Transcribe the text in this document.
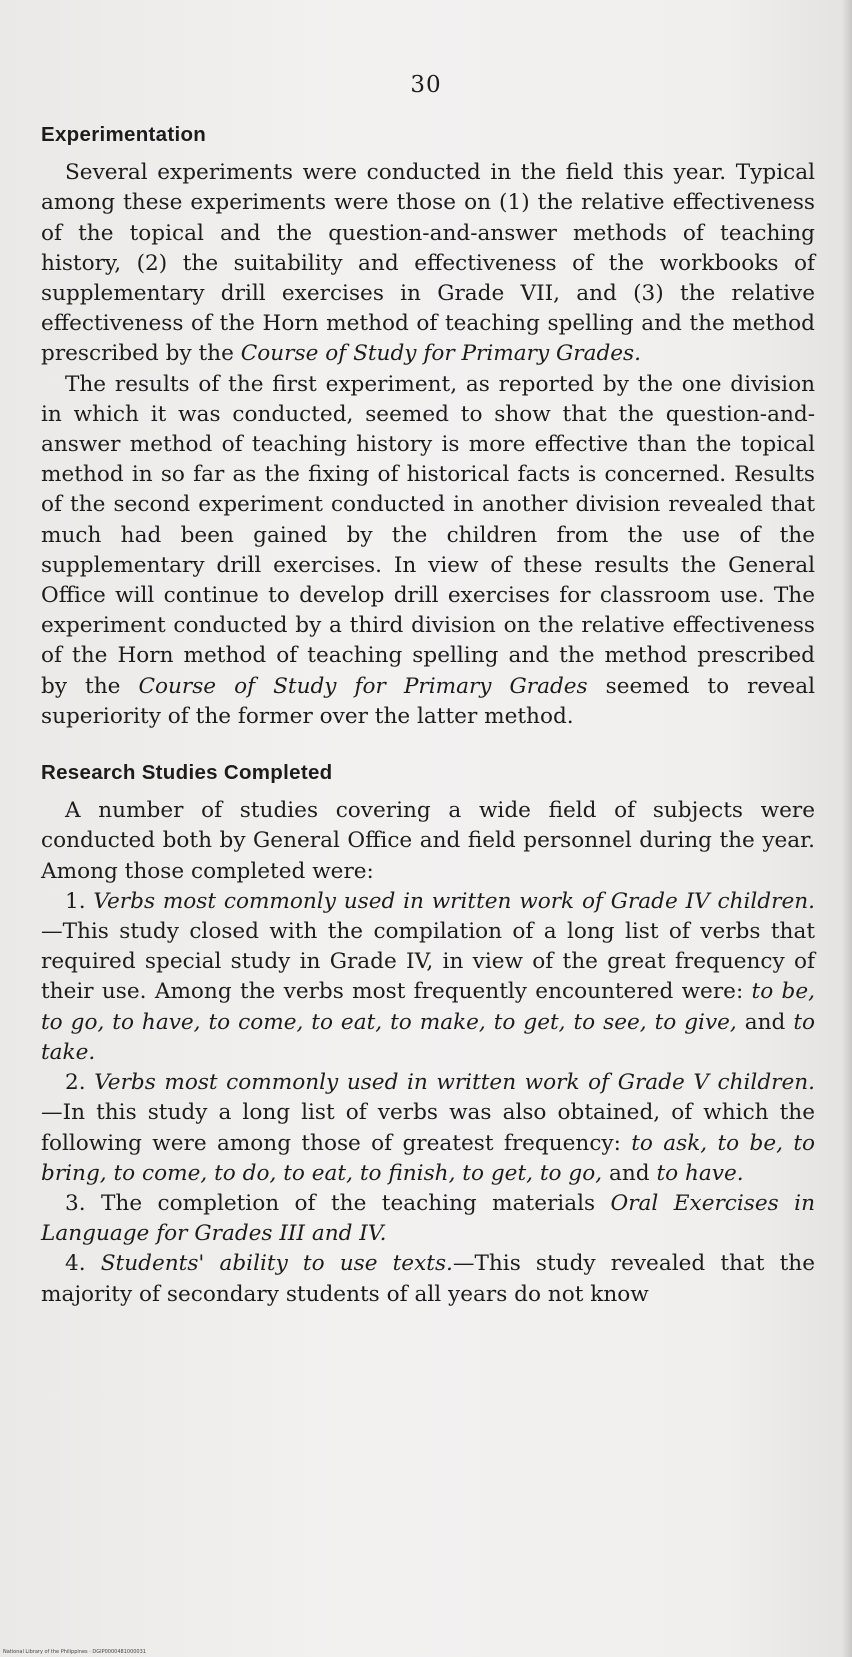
30
Experimentation

Several experiments were conducted in the field this year. Typical among these experiments were those on (1) the relative effectiveness of the topical and the question-and-answer methods of teaching history, (2) the suitability and effectiveness of the workbooks of supplementary drill exercises in Grade VII, and (3) the relative effectiveness of the Horn method of teaching spelling and the method prescribed by the Course of Study for Primary Grades.

The results of the first experiment, as reported by the one division in which it was conducted, seemed to show that the question-and-answer method of teaching history is more effective than the topical method in so far as the fixing of historical facts is concerned. Results of the second experiment conducted in another division revealed that much had been gained by the children from the use of the supplementary drill exercises. In view of these results the General Office will continue to develop drill exercises for classroom use. The experiment conducted by a third division on the relative effectiveness of the Horn method of teaching spelling and the method prescribed by the Course of Study for Primary Grades seemed to reveal superiority of the former over the latter method.

Research Studies Completed

A number of studies covering a wide field of subjects were conducted both by General Office and field personnel during the year. Among those completed were:

1. Verbs most commonly used in written work of Grade IV children.—This study closed with the compilation of a long list of verbs that required special study in Grade IV, in view of the great frequency of their use. Among the verbs most frequently encountered were: to be, to go, to have, to come, to eat, to make, to get, to see, to give, and to take.

2. Verbs most commonly used in written work of Grade V children.—In this study a long list of verbs was also obtained, of which the following were among those of greatest frequency: to ask, to be, to bring, to come, to do, to eat, to finish, to get, to go, and to have.

3. The completion of the teaching materials Oral Exercises in Language for Grades III and IV.

4. Students' ability to use texts.—This study revealed that the majority of secondary students of all years do not know

National Library of the Philippines · DGIP0000481000031
